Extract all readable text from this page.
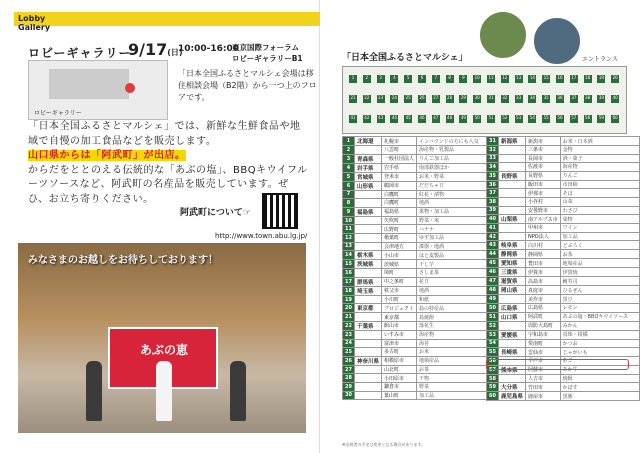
Lobby Gallery
ロビーギャラリー
9/17(日)
10:00-16:00
東京国際フォーラム
ロビーギャラリーB1
ロビーギャラリー
「日本全国ふるさとマルシェ会場は移住相談会場（B2階）から一つ上のフロアです。
「日本全国ふるさとマルシェ」では、新鮮な生鮮食品や地域で自慢の加工食品などを販売します。
山口県からは「阿武町」が出店。
からだをととのえる伝統的な「あぶの塩」、BBQキウイフルーツソースなど、阿武町の名産品を販売しています。ぜひ、お立ち寄りください。
阿武町について☞
http://www.town.abu.lg.jp/
みなさまのお越しをお待ちしております！
あぶの恵
「日本全国ふるさとマルシェ」
1	2	3	4	5	6	7	8	9	10	11	12	13	14	15	16	17	18	19	20
21	22	23	24	25	26	27	28	29	30	31	32	33	34	35	36	37	38	39	40
41	42	43	44	45	46	47	48	49	50	51	52	53	54	55	56	57	58	59	60
エントランス
1	北海道	札幌市	インバウンドの方にも人気
2		八雲町	海産物・乳製品
3	青森県	一般社団法人	りんご加工品
4	岩手県	岩手県	南部鉄器ほか
5	宮城県	登米市	お米・野菜
6	山形県	鶴岡市	だだちゃ豆
7		白鷹町	紅花・漬物
8		白鷹町	地酒
9	福島県	福島県	果物・加工品
10		矢吹町	野菜・米
11		広野町	バナナ
12		楢葉町	ゆず加工品
13		会津地方	漆器・地酒
14	栃木県	小山市	はと麦製品
15	茨城県	茨城県	干し芋
16		境町	さしま茶
17	群馬県	中之条町	花豆
18	埼玉県	秩父市	地酒
19		小川町	和紙
20	東京都	プロジェクト	島の特産品
21		東京都	島焼酎
22	千葉県	館山市	落花生
23		いすみ市	海産物
24		富津市	海苔
25		多古町	お米
26	神奈川県	相模原市	地場産品
27		山北町	お茶
28		小田原市	干物
29		鎌倉市	野菜
30		葉山町	加工品
31	新潟県	新潟市	お米・日本酒
32		三条市	金物
33		長岡市	酒・菓子
34		佐渡市	海産物
35	長野県	長野県	りんご
36		飯田市	市田柿
37		伊那市	そば
38		小谷村	山菜
39		安曇野市	わさび
40	山梨県	南アルプス市	果物
41		甲州市	ワイン
42		NPO法人	加工品
43	岐阜県	白川村	どぶろく
44	静岡県	静岡県	お茶
45	愛知県	豊田市	地場産品
46	三重県	伊賀市	伊賀焼
47	滋賀県	高島市	鮒寿司
48	岡山県	真庭市	ひるぜん
49		美作市	黒豆
50	広島県	広島県	レモン
51	山口県	阿武町	あぶの塩・BBQキウイソース
52		周防大島町	みかん
53	愛媛県	宇和島市	真珠・柑橘
54		愛南町	かつお
55	長崎県	雲仙市	じゃがいも
56		平戸市	あご
57	熊本県	阿蘇市	あか牛
58		人吉市	焼酎
59	大分県	竹田市	かぼす
60	鹿児島県	鹿屋市	黒豚
※出展者の予定は変更となる場合があります。
